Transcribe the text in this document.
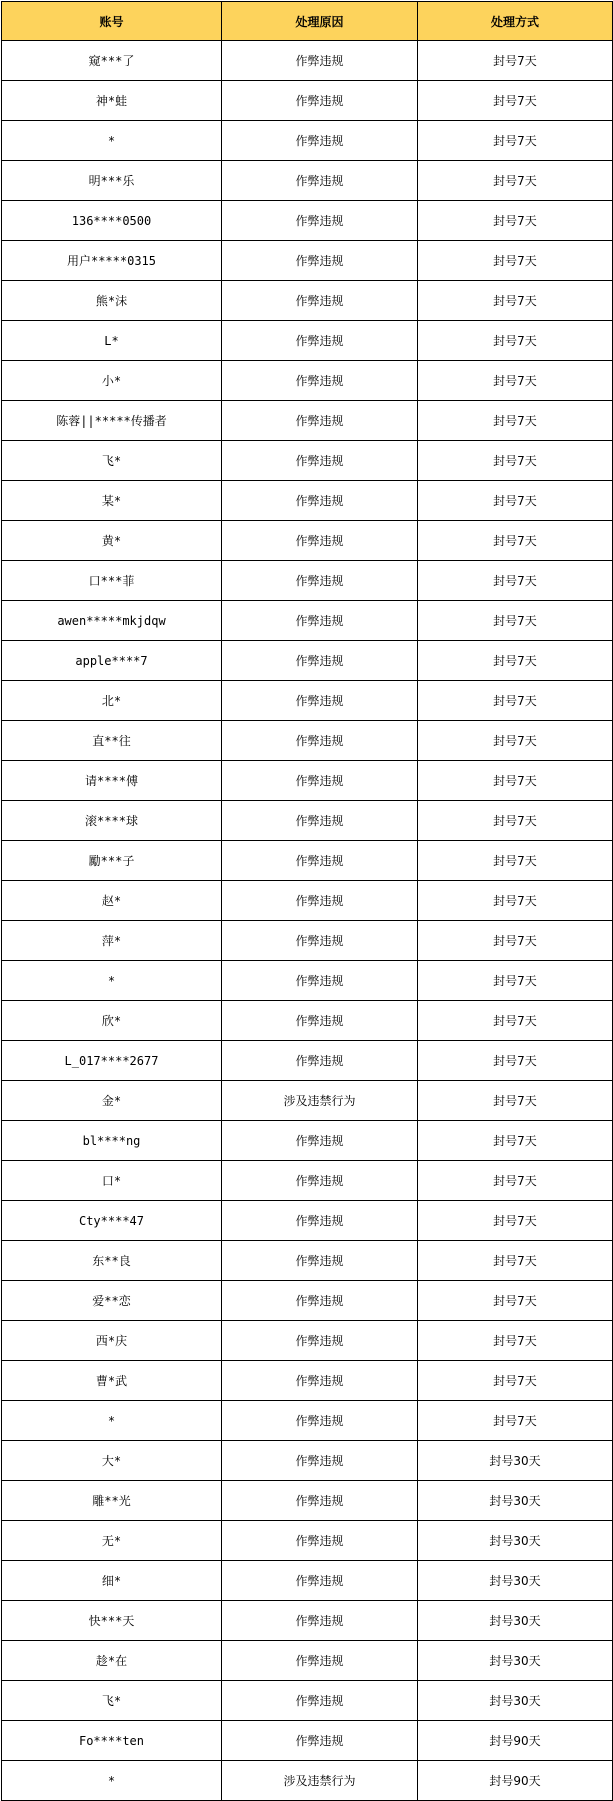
账号	处理原因	处理方式
窥***了	作弊违规	封号7天
神*蛙	作弊违规	封号7天
*	作弊违规	封号7天
明***乐	作弊违规	封号7天
136****0500	作弊违规	封号7天
用户*****0315	作弊违规	封号7天
熊*沫	作弊违规	封号7天
L*	作弊违规	封号7天
小*	作弊违规	封号7天
陈蓉||*****传播者	作弊违规	封号7天
飞*	作弊违规	封号7天
某*	作弊违规	封号7天
黄*	作弊违规	封号7天
口***菲	作弊违规	封号7天
awen*****mkjdqw	作弊违规	封号7天
apple****7	作弊违规	封号7天
北*	作弊违规	封号7天
直**往	作弊违规	封号7天
请****傅	作弊违规	封号7天
滚****球	作弊违规	封号7天
勵***子	作弊违规	封号7天
赵*	作弊违规	封号7天
萍*	作弊违规	封号7天
*	作弊违规	封号7天
欣*	作弊违规	封号7天
L_017****2677	作弊违规	封号7天
金*	涉及违禁行为	封号7天
bl****ng	作弊违规	封号7天
口*	作弊违规	封号7天
Cty****47	作弊违规	封号7天
东**良	作弊违规	封号7天
爱**恋	作弊违规	封号7天
西*庆	作弊违规	封号7天
曹*武	作弊违规	封号7天
*	作弊违规	封号7天
大*	作弊违规	封号30天
雕**光	作弊违规	封号30天
无*	作弊违规	封号30天
细*	作弊违规	封号30天
快***天	作弊违规	封号30天
趁*在	作弊违规	封号30天
飞*	作弊违规	封号30天
Fo****ten	作弊违规	封号90天
*	涉及违禁行为	封号90天
